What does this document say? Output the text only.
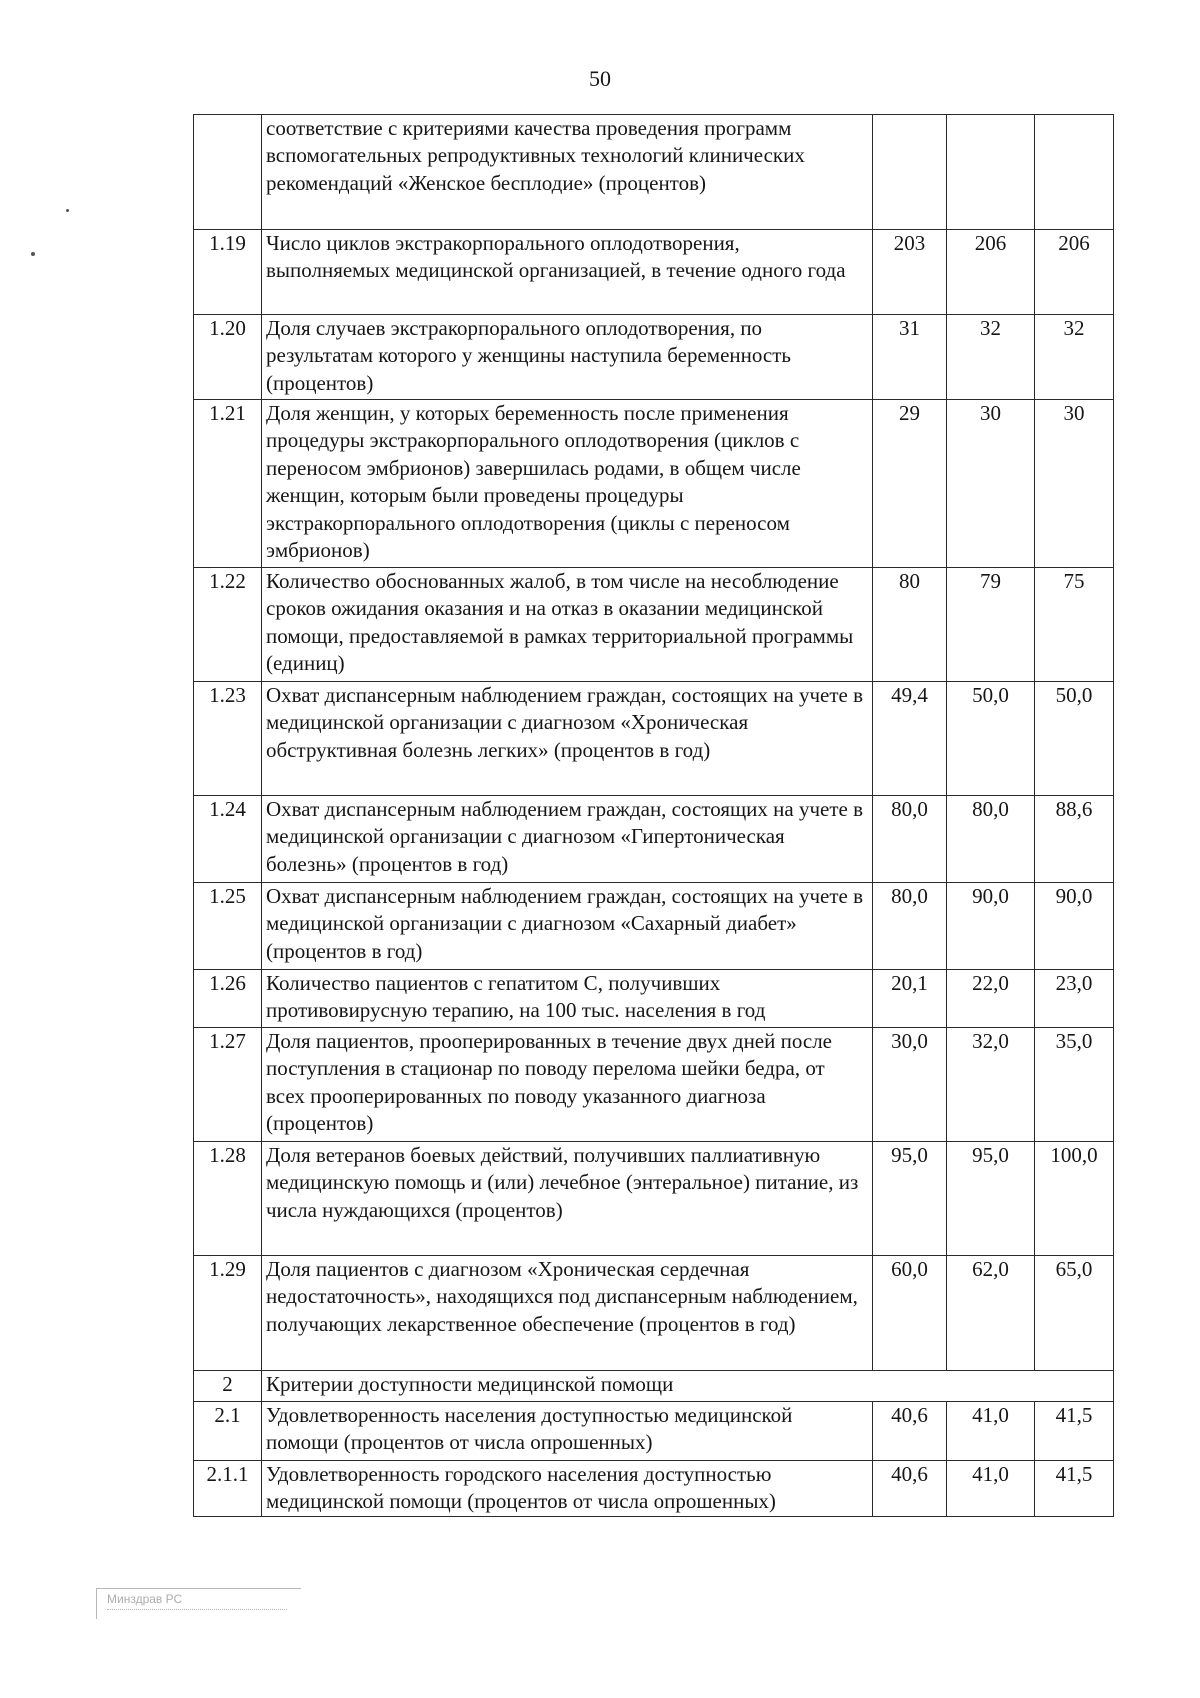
50
	соответствие с критериями качества проведения программ вспомогательных репродуктивных технологий клинических рекомендаций «Женское бесплодие» (процентов)			
1.19	Число циклов экстракорпорального оплодотворения, выполняемых медицинской организацией, в течение одного года	203	206	206
1.20	Доля случаев экстракорпорального оплодотворения, по результатам которого у женщины наступила беременность (процентов)	31	32	32
1.21	Доля женщин, у которых беременность после применения процедуры экстракорпорального оплодотворения (циклов с переносом эмбрионов) завершилась родами, в общем числе женщин, которым были проведены процедуры экстракорпорального оплодотворения (циклы с переносом эмбрионов)	29	30	30
1.22	Количество обоснованных жалоб, в том числе на несоблюдение сроков ожидания оказания и на отказ в оказании медицинской помощи, предоставляемой в рамках территориальной программы (единиц)	80	79	75
1.23	Охват диспансерным наблюдением граждан, состоящих на учете в медицинской организации с диагнозом «Хроническая обструктивная болезнь легких» (процентов в год)	49,4	50,0	50,0
1.24	Охват диспансерным наблюдением граждан, состоящих на учете в медицинской организации с диагнозом «Гипертоническая болезнь» (процентов в год)	80,0	80,0	88,6
1.25	Охват диспансерным наблюдением граждан, состоящих на учете в медицинской организации с диагнозом «Сахарный диабет» (процентов в год)	80,0	90,0	90,0
1.26	Количество пациентов с гепатитом С, получивших противовирусную терапию, на 100 тыс. населения в год	20,1	22,0	23,0
1.27	Доля пациентов, прооперированных в течение двух дней после поступления в стационар по поводу перелома шейки бедра, от всех прооперированных по поводу указанного диагноза (процентов)	30,0	32,0	35,0
1.28	Доля ветеранов боевых действий, получивших паллиативную медицинскую помощь и (или) лечебное (энтеральное) питание, из числа нуждающихся (процентов)	95,0	95,0	100,0
1.29	Доля пациентов с диагнозом «Хроническая сердечная недостаточность», находящихся под диспансерным наблюдением, получающих лекарственное обеспечение (процентов в год)	60,0	62,0	65,0
2	Критерии доступности медицинской помощи			
2.1	Удовлетворенность населения доступностью медицинской помощи (процентов от числа опрошенных)	40,6	41,0	41,5
2.1.1	Удовлетворенность городского населения доступностью медицинской помощи (процентов от числа опрошенных)	40,6	41,0	41,5
Минздрав РС
